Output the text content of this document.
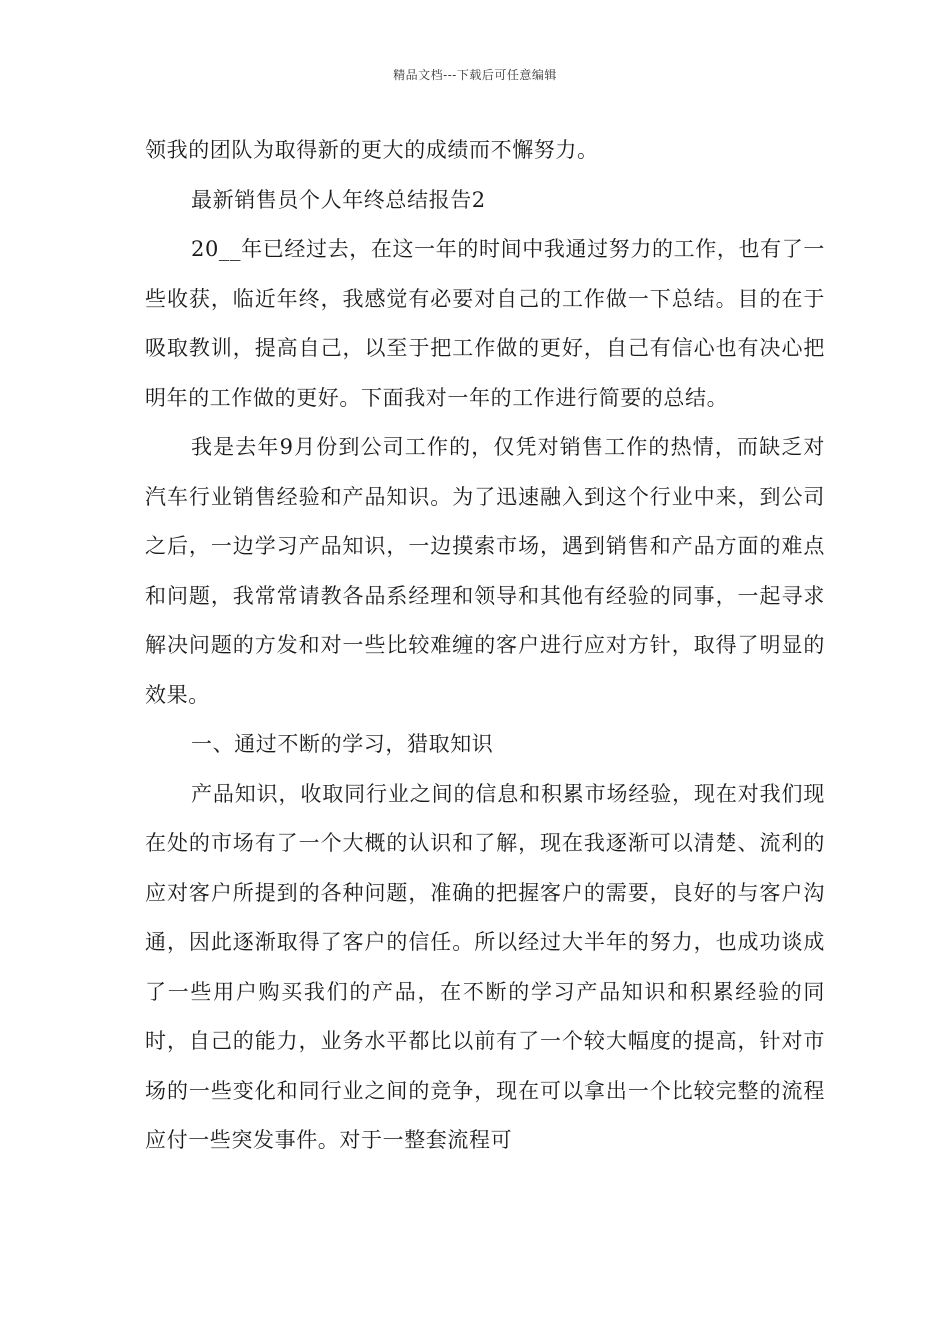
精品文档---下载后可任意编辑

领我的团队为取得新的更大的成绩而不懈努力。

最新销售员个人年终总结报告2

20__年已经过去，在这一年的时间中我通过努力的工作，也有了一些收获，临近年终，我感觉有必要对自己的工作做一下总结。目的在于吸取教训，提高自己，以至于把工作做的更好，自己有信心也有决心把明年的工作做的更好。下面我对一年的工作进行简要的总结。

我是去年9月份到公司工作的，仅凭对销售工作的热情，而缺乏对汽车行业销售经验和产品知识。为了迅速融入到这个行业中来，到公司之后，一边学习产品知识，一边摸索市场，遇到销售和产品方面的难点和问题，我常常请教各品系经理和领导和其他有经验的同事，一起寻求解决问题的方发和对一些比较难缠的客户进行应对方针，取得了明显的效果。

一、通过不断的学习，猎取知识

产品知识，收取同行业之间的信息和积累市场经验，现在对我们现在处的市场有了一个大概的认识和了解，现在我逐渐可以清楚、流利的应对客户所提到的各种问题，准确的把握客户的需要，良好的与客户沟通，因此逐渐取得了客户的信任。所以经过大半年的努力，也成功谈成了一些用户购买我们的产品，在不断的学习产品知识和积累经验的同时，自己的能力，业务水平都比以前有了一个较大幅度的提高，针对市场的一些变化和同行业之间的竞争，现在可以拿出一个比较完整的流程应付一些突发事件。对于一整套流程可
